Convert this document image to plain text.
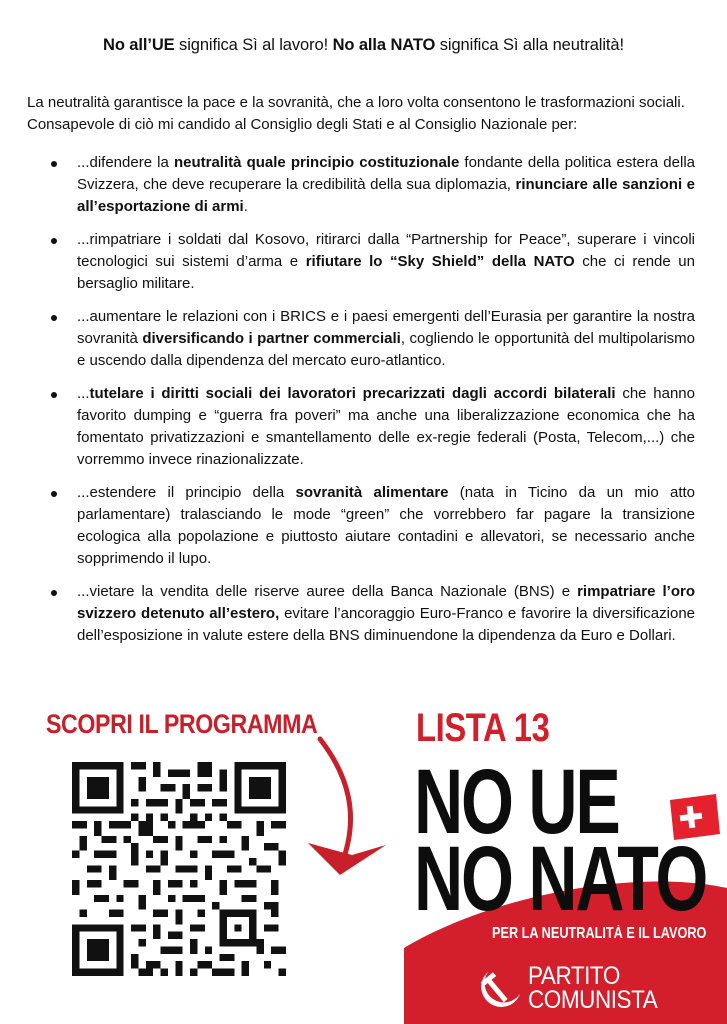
No all’UE significa Sì al lavoro! No alla NATO significa Sì alla neutralità!
La neutralità garantisce la pace e la sovranità, che a loro volta consentono le trasformazioni sociali. Consapevole di ciò mi candido al Consiglio degli Stati e al Consiglio Nazionale per:
...difendere la neutralità quale principio costituzionale fondante della politica estera della Svizzera, che deve recuperare la credibilità della sua diplomazia, rinunciare alle sanzioni e all’esportazione di armi.
...rimpatriare i soldati dal Kosovo, ritirarci dalla “Partnership for Peace”, superare i vincoli tecnologici sui sistemi d’arma e rifiutare lo “Sky Shield” della NATO che ci rende un bersaglio militare.
...aumentare le relazioni con i BRICS e i paesi emergenti dell’Eurasia per garantire la nostra sovranità diversificando i partner commerciali, cogliendo le opportunità del multipolarismo e uscendo dalla dipendenza del mercato euro-atlantico.
...tutelare i diritti sociali dei lavoratori precarizzati dagli accordi bilaterali che hanno favorito dumping e “guerra fra poveri” ma anche una liberalizzazione economica che ha fomentato privatizzazioni e smantellamento delle ex-regie federali (Posta, Telecom,...) che vorremmo invece rinazionalizzate.
...estendere il principio della sovranità alimentare (nata in Ticino da un mio atto parlamentare) tralasciando le mode “green” che vorrebbero far pagare la transizione ecologica alla popolazione e piuttosto aiutare contadini e allevatori, se necessario anche sopprimendo il lupo.
...vietare la vendita delle riserve auree della Banca Nazionale (BNS) e rimpatriare l’oro svizzero detenuto all’estero, evitare l’ancoraggio Euro-Franco e favorire la diversificazione dell’esposizione in valute estere della BNS diminuendone la dipendenza da Euro e Dollari.
SCOPRI IL PROGRAMMA LISTA 13
NO UE
NO NATO
PER LA NEUTRALITÀ E IL LAVORO
PARTITO
COMUNISTA
